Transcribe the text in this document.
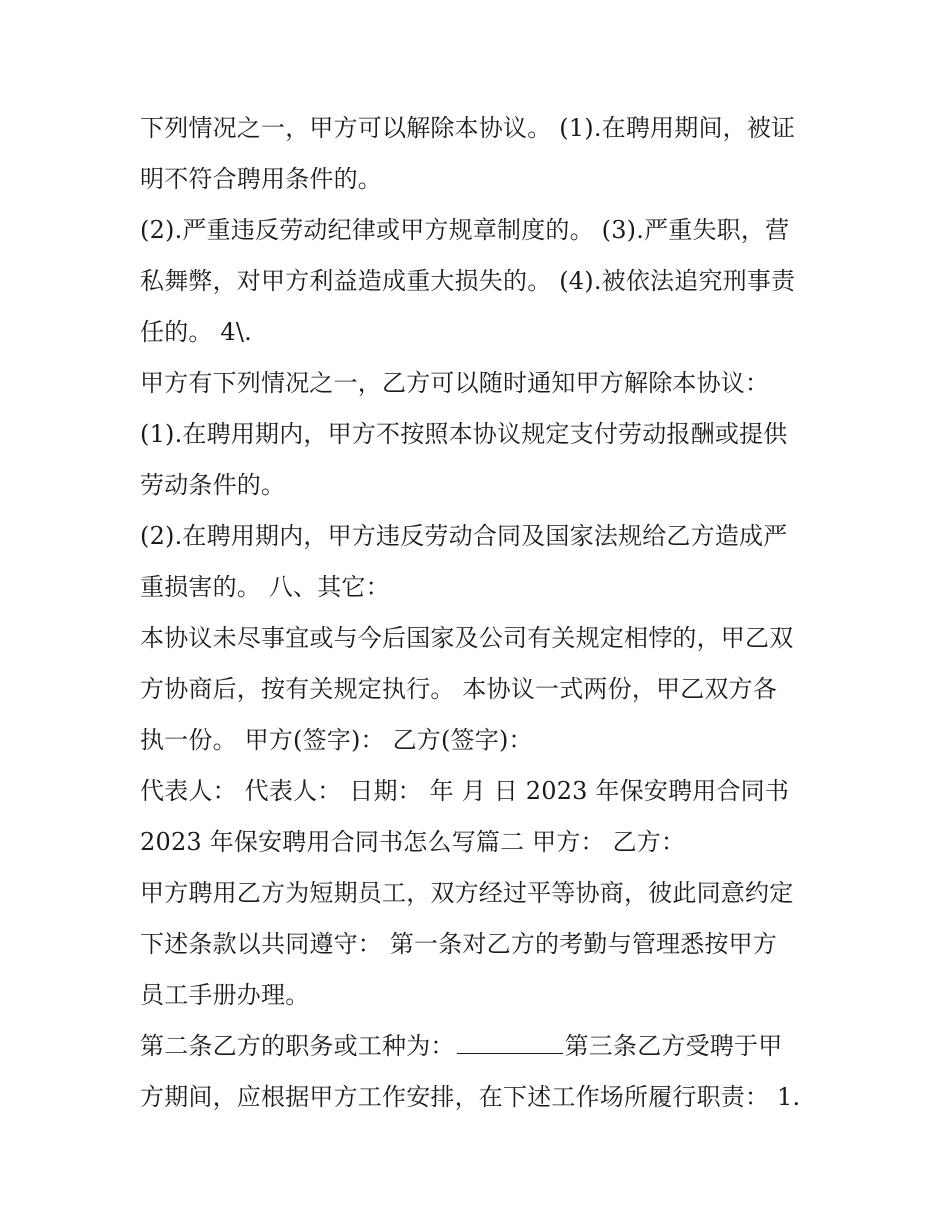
下列情况之一，甲方可以解除本协议。 (1).在聘用期间，被证

明不符合聘用条件的。

(2).严重违反劳动纪律或甲方规章制度的。 (3).严重失职，营

私舞弊，对甲方利益造成重大损失的。 (4).被依法追究刑事责

任的。 4\.

甲方有下列情况之一，乙方可以随时通知甲方解除本协议：

(1).在聘用期内，甲方不按照本协议规定支付劳动报酬或提供

劳动条件的。

(2).在聘用期内，甲方违反劳动合同及国家法规给乙方造成严

重损害的。 八、其它：

本协议未尽事宜或与今后国家及公司有关规定相悖的，甲乙双

方协商后，按有关规定执行。 本协议一式两份，甲乙双方各

执一份。 甲方(签字)： 乙方(签字)：

代表人： 代表人： 日期： 年 月 日 2023 年保安聘用合同书

2023 年保安聘用合同书怎么写篇二 甲方： 乙方：

甲方聘用乙方为短期员工，双方经过平等协商，彼此同意约定

下述条款以共同遵守： 第一条对乙方的考勤与管理悉按甲方

员工手册办理。

第二条乙方的职务或工种为：	第三条乙方受聘于甲

方期间，应根据甲方工作安排，在下述工作场所履行职责： 1.
